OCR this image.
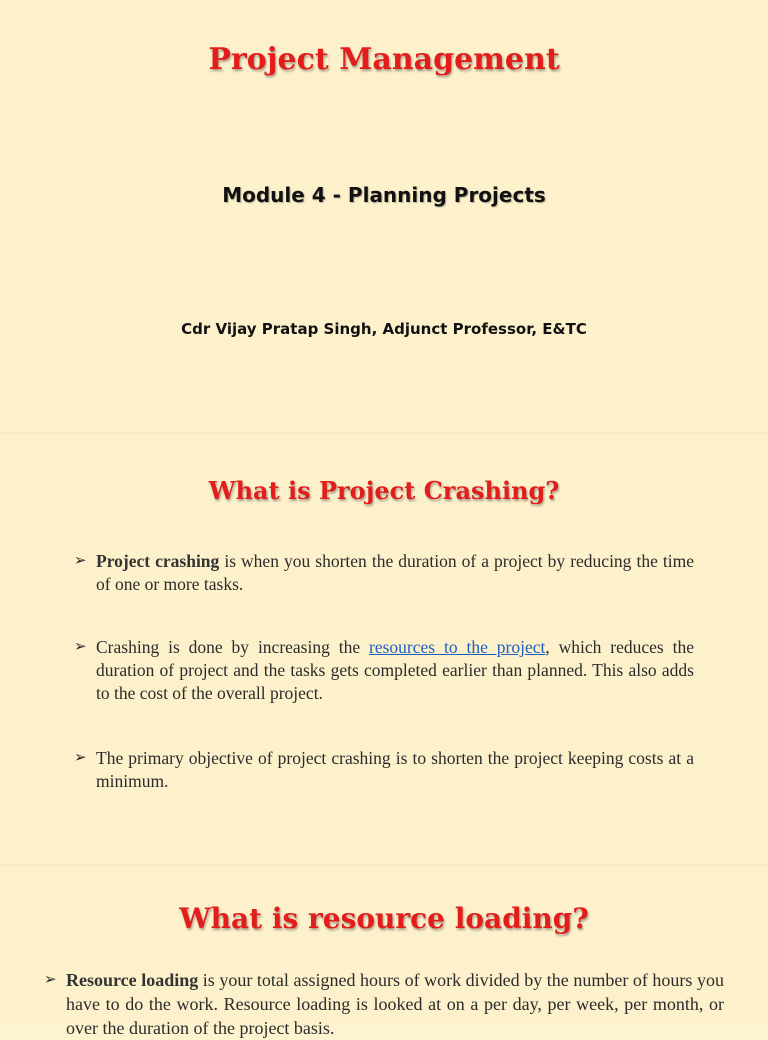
Project Management
Module 4 - Planning Projects
Cdr Vijay Pratap Singh, Adjunct Professor, E&TC
What is Project Crashing?
➢ Project crashing is when you shorten the duration of a project by reducing the time of one or more tasks.
➢ Crashing is done by increasing the resources to the project, which reduces the duration of project and the tasks gets completed earlier than planned. This also adds to the cost of the overall project.
➢ The primary objective of project crashing is to shorten the project keeping costs at a minimum.
What is resource loading?
➢ Resource loading is your total assigned hours of work divided by the number of hours you have to do the work. Resource loading is looked at on a per day, per week, per month, or over the duration of the project basis.
